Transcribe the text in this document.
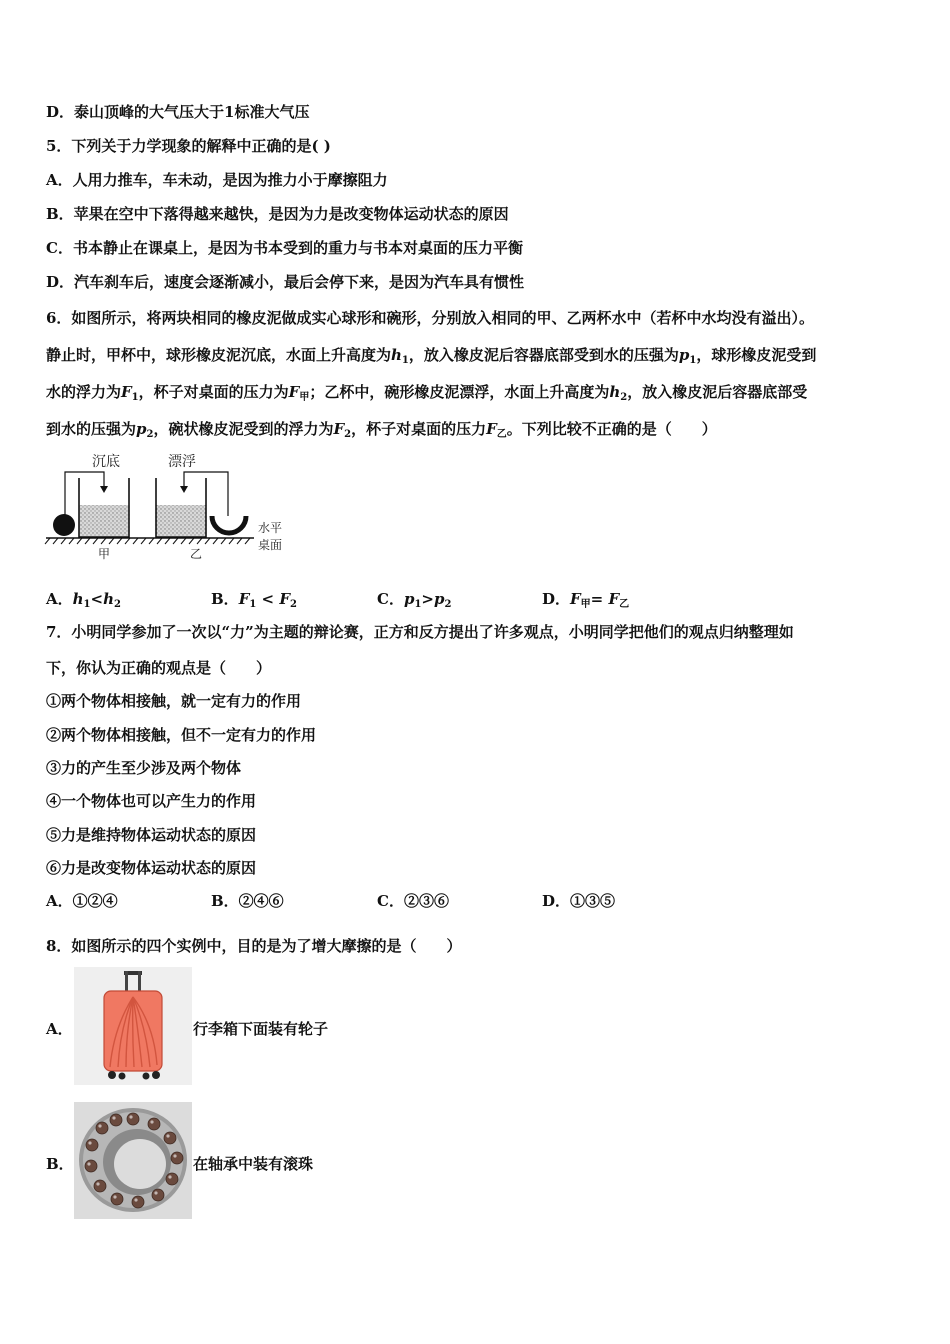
D．泰山顶峰的大气压大于1标准大气压
5．下列关于力学现象的解释中正确的是( )
A．人用力推车，车未动，是因为推力小于摩擦阻力
B．苹果在空中下落得越来越快，是因为力是改变物体运动状态的原因
C．书本静止在课桌上，是因为书本受到的重力与书本对桌面的压力平衡
D．汽车刹车后，速度会逐渐减小，最后会停下来，是因为汽车具有惯性
6．如图所示，将两块相同的橡皮泥做成实心球形和碗形，分别放入相同的甲、乙两杯水中（若杯中水均没有溢出）。
静止时，甲杯中，球形橡皮泥沉底，水面上升高度为$h_1$，放入橡皮泥后容器底部受到水的压强为$p_1$，球形橡皮泥受到
水的浮力为$F_1$，杯子对桌面的压力为$F_甲$；乙杯中，碗形橡皮泥漂浮，水面上升高度为$h_2$，放入橡皮泥后容器底部受
到水的压强为$p_2$，碗状橡皮泥受到的浮力为$F_2$，杯子对桌面的压力$F_乙$。下列比较不正确的是（　　）
沉底	漂浮
甲	乙
水平
桌面
A．$h_1<h_2$	B．$F_1 < F_2$	C．$p_1>p_2$	D．$F_甲= F_乙$
7．小明同学参加了一次以“力”为主题的辩论赛，正方和反方提出了许多观点，小明同学把他们的观点归纳整理如
下，你认为正确的观点是（　　）
①两个物体相接触，就一定有力的作用
②两个物体相接触，但不一定有力的作用
③力的产生至少涉及两个物体
④一个物体也可以产生力的作用
⑤力是维持物体运动状态的原因
⑥力是改变物体运动状态的原因
A．①②④	B．②④⑥	C．②③⑥	D．①③⑤
8．如图所示的四个实例中，目的是为了增大摩擦的是（　　）
A．	行李箱下面装有轮子
B．	在轴承中装有滚珠
